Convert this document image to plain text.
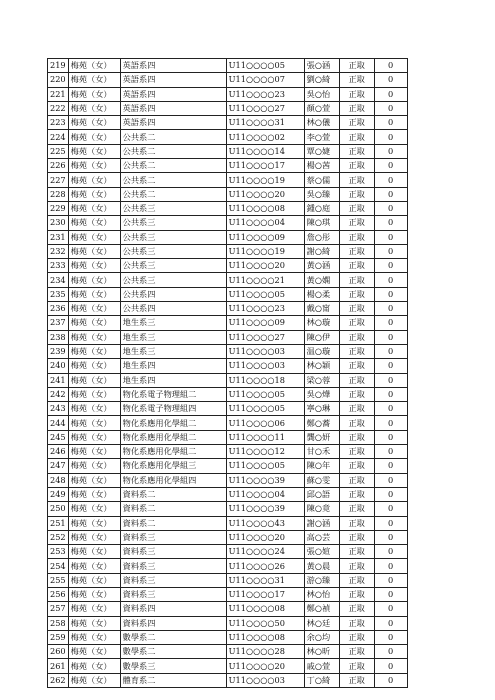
219	梅苑（女）	英語系四	U11○○○○05	張○涵	正取	0
220	梅苑（女）	英語系四	U11○○○○07	劉○綺	正取	0
221	梅苑（女）	英語系四	U11○○○○23	吳○怡	正取	0
222	梅苑（女）	英語系四	U11○○○○27	顏○萱	正取	0
223	梅苑（女）	英語系四	U11○○○○31	林○儀	正取	0
224	梅苑（女）	公共系二	U11○○○○02	李○萱	正取	0
225	梅苑（女）	公共系二	U11○○○○14	覃○婕	正取	0
226	梅苑（女）	公共系二	U11○○○○17	楊○茜	正取	0
227	梅苑（女）	公共系二	U11○○○○19	蔡○儒	正取	0
228	梅苑（女）	公共系二	U11○○○○20	吳○臻	正取	0
229	梅苑（女）	公共系三	U11○○○○08	鍾○庭	正取	0
230	梅苑（女）	公共系三	U11○○○○04	陳○琪	正取	0
231	梅苑（女）	公共系三	U11○○○○09	詹○彤	正取	0
232	梅苑（女）	公共系三	U11○○○○19	謝○綺	正取	0
233	梅苑（女）	公共系三	U11○○○○20	黃○涵	正取	0
234	梅苑（女）	公共系三	U11○○○○21	黃○嫻	正取	0
235	梅苑（女）	公共系四	U11○○○○05	楊○柔	正取	0
236	梅苑（女）	公共系四	U11○○○○23	戴○甯	正取	0
237	梅苑（女）	地生系三	U11○○○○09	林○璇	正取	0
238	梅苑（女）	地生系三	U11○○○○27	陳○伊	正取	0
239	梅苑（女）	地生系三	U11○○○○03	温○璇	正取	0
240	梅苑（女）	地生系四	U11○○○○03	林○穎	正取	0
241	梅苑（女）	地生系四	U11○○○○18	梁○蓉	正取	0
242	梅苑（女）	物化系電子物理組二	U11○○○○05	吳○燁	正取	0
243	梅苑（女）	物化系電子物理組四	U11○○○○05	寧○琳	正取	0
244	梅苑（女）	物化系應用化學組二	U11○○○○06	鄭○蕎	正取	0
245	梅苑（女）	物化系應用化學組二	U11○○○○11	龔○妍	正取	0
246	梅苑（女）	物化系應用化學組二	U11○○○○12	甘○禾	正取	0
247	梅苑（女）	物化系應用化學組三	U11○○○○05	陳○年	正取	0
248	梅苑（女）	物化系應用化學組四	U11○○○○39	蘇○雯	正取	0
249	梅苑（女）	資料系二	U11○○○○04	邱○語	正取	0
250	梅苑（女）	資料系二	U11○○○○39	陳○竟	正取	0
251	梅苑（女）	資料系二	U11○○○○43	謝○涵	正取	0
252	梅苑（女）	資料系三	U11○○○○20	高○芸	正取	0
253	梅苑（女）	資料系三	U11○○○○24	張○媗	正取	0
254	梅苑（女）	資料系三	U11○○○○26	黃○晨	正取	0
255	梅苑（女）	資料系三	U11○○○○31	游○臻	正取	0
256	梅苑（女）	資料系三	U11○○○○17	林○怡	正取	0
257	梅苑（女）	資料系四	U11○○○○08	鄭○禎	正取	0
258	梅苑（女）	資料系四	U11○○○○50	林○廷	正取	0
259	梅苑（女）	數學系二	U11○○○○08	余○均	正取	0
260	梅苑（女）	數學系二	U11○○○○28	林○昕	正取	0
261	梅苑（女）	數學系三	U11○○○○20	戚○萱	正取	0
262	梅苑（女）	體育系二	U11○○○○03	丁○綺	正取	0
